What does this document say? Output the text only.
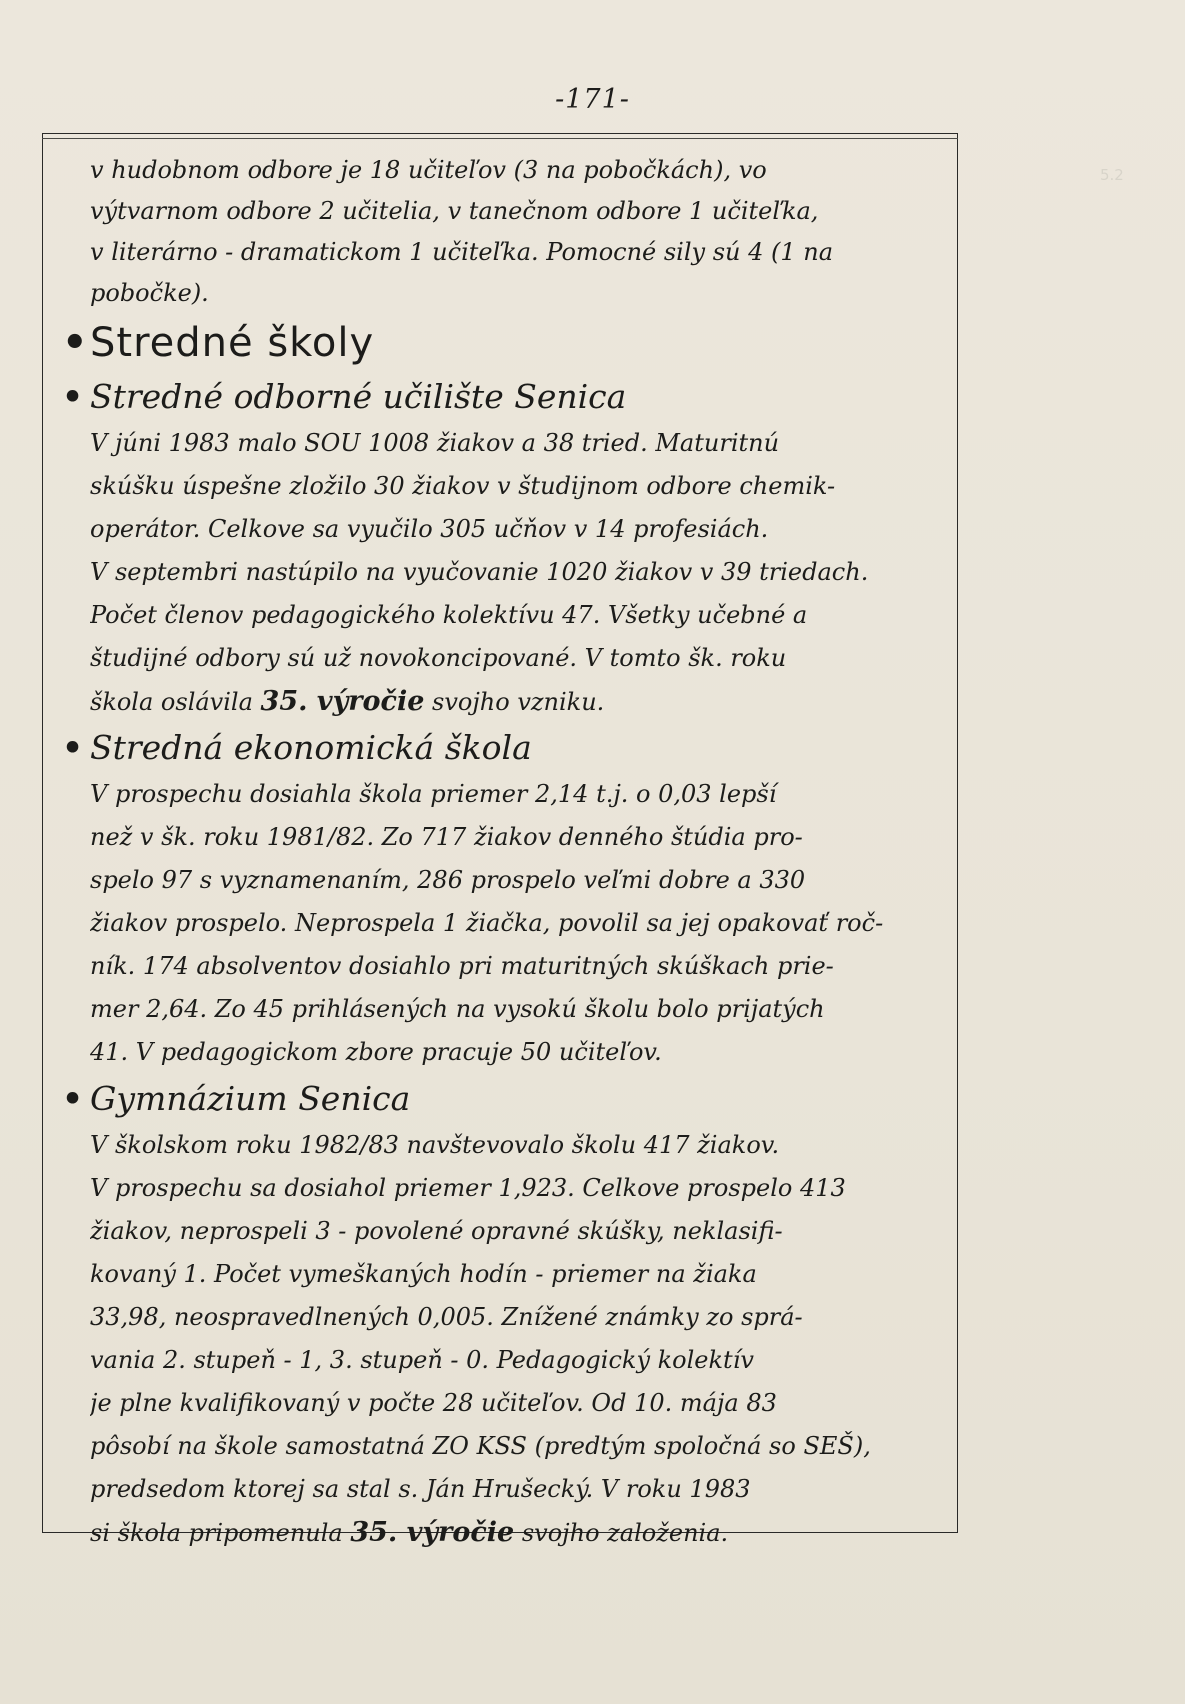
5.2
-171-
v hudobnom odbore je 18 učiteľov (3 na pobočkách), vo
výtvarnom odbore 2 učitelia, v tanečnom odbore 1 učiteľka,
v literárno - dramatickom 1 učiteľka. Pomocné sily sú 4 (1 na
pobočke).
• Stredné školy
• Stredné odborné učilište Senica
V júni 1983 malo SOU 1008 žiakov a 38 tried. Maturitnú
skúšku úspešne zložilo 30 žiakov v študijnom odbore chemik-
operátor. Celkove sa vyučilo 305 učňov v 14 profesiách.
V septembri nastúpilo na vyučovanie 1020 žiakov v 39 triedach.
Počet členov pedagogického kolektívu 47. Všetky učebné a
študijné odbory sú už novokoncipované. V tomto šk. roku
škola oslávila 35. výročie svojho vzniku.
• Stredná ekonomická škola
V prospechu dosiahla škola priemer 2,14 t.j. o 0,03 lepší
než v šk. roku 1981/82. Zo 717 žiakov denného štúdia pro-
spelo 97 s vyznamenaním, 286 prospelo veľmi dobre a 330
žiakov prospelo. Neprospela 1 žiačka, povolil sa jej opakovať roč-
ník. 174 absolventov dosiahlo pri maturitných skúškach prie-
mer 2,64. Zo 45 prihlásených na vysokú školu bolo prijatých
41. V pedagogickom zbore pracuje 50 učiteľov.
• Gymnázium Senica
V školskom roku 1982/83 navštevovalo školu 417 žiakov.
V prospechu sa dosiahol priemer 1,923. Celkove prospelo 413
žiakov, neprospeli 3 - povolené opravné skúšky, neklasifi-
kovaný 1. Počet vymeškaných hodín - priemer na žiaka
33,98, neospravedlnených 0,005. Znížené známky zo sprá-
vania 2. stupeň - 1, 3. stupeň - 0. Pedagogický kolektív
je plne kvalifikovaný v počte 28 učiteľov. Od 10. mája 83
pôsobí na škole samostatná ZO KSS (predtým spoločná so SEŠ),
predsedom ktorej sa stal s. Ján Hrušecký. V roku 1983
si škola pripomenula 35. výročie svojho založenia.
